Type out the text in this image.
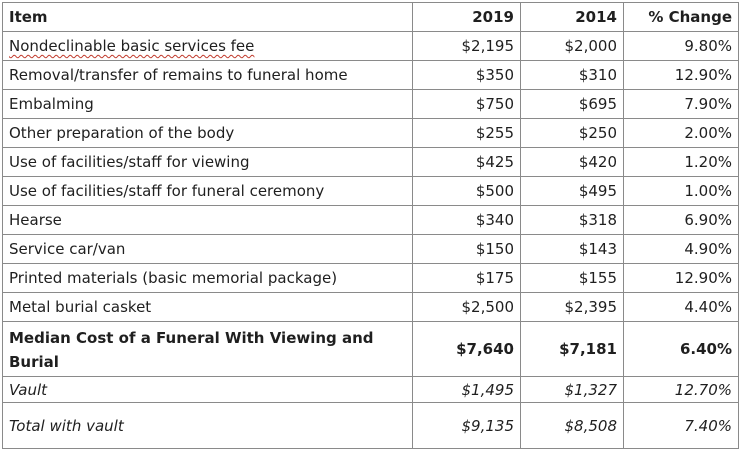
Item	2019	2014	% Change
Nondeclinable basic services fee	$2,195	$2,000	9.80%
Removal/transfer of remains to funeral home	$350	$310	12.90%
Embalming	$750	$695	7.90%
Other preparation of the body	$255	$250	2.00%
Use of facilities/staff for viewing	$425	$420	1.20%
Use of facilities/staff for funeral ceremony	$500	$495	1.00%
Hearse	$340	$318	6.90%
Service car/van	$150	$143	4.90%
Printed materials (basic memorial package)	$175	$155	12.90%
Metal burial casket	$2,500	$2,395	4.40%
Median Cost of a Funeral With Viewing and Burial	$7,640	$7,181	6.40%
Vault	$1,495	$1,327	12.70%
Total with vault	$9,135	$8,508	7.40%
